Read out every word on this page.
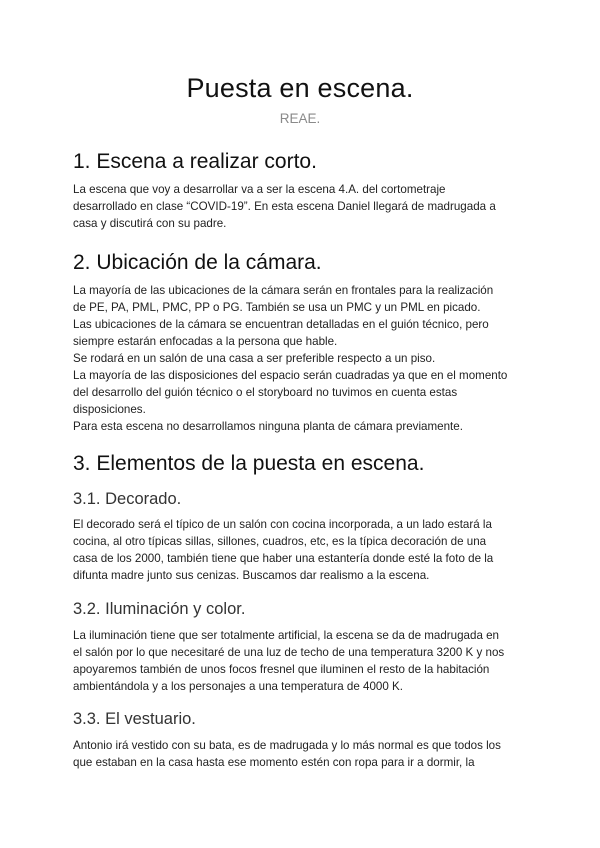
Puesta en escena.

REAE.

1. Escena a realizar corto.

La escena que voy a desarrollar va a ser la escena 4.A. del cortometraje
desarrollado en clase “COVID-19”. En esta escena Daniel llegará de madrugada a
casa y discutirá con su padre.

2. Ubicación de la cámara.

La mayoría de las ubicaciones de la cámara serán en frontales para la realización
de PE, PA, PML, PMC, PP o PG. También se usa un PMC y un PML en picado.
Las ubicaciones de la cámara se encuentran detalladas en el guión técnico, pero
siempre estarán enfocadas a la persona que hable.
Se rodará en un salón de una casa a ser preferible respecto a un piso.
La mayoría de las disposiciones del espacio serán cuadradas ya que en el momento
del desarrollo del guión técnico o el storyboard no tuvimos en cuenta estas
disposiciones.
Para esta escena no desarrollamos ninguna planta de cámara previamente.

3. Elementos de la puesta en escena.
3.1. Decorado.

El decorado será el típico de un salón con cocina incorporada, a un lado estará la
cocina, al otro típicas sillas, sillones, cuadros, etc, es la típica decoración de una
casa de los 2000, también tiene que haber una estantería donde esté la foto de la
difunta madre junto sus cenizas. Buscamos dar realismo a la escena.

3.2. Iluminación y color.

La iluminación tiene que ser totalmente artificial, la escena se da de madrugada en
el salón por lo que necesitaré de una luz de techo de una temperatura 3200 K y nos
apoyaremos también de unos focos fresnel que iluminen el resto de la habitación
ambientándola y a los personajes a una temperatura de 4000 K.

3.3. El vestuario.

Antonio irá vestido con su bata, es de madrugada y lo más normal es que todos los
que estaban en la casa hasta ese momento estén con ropa para ir a dormir, la
